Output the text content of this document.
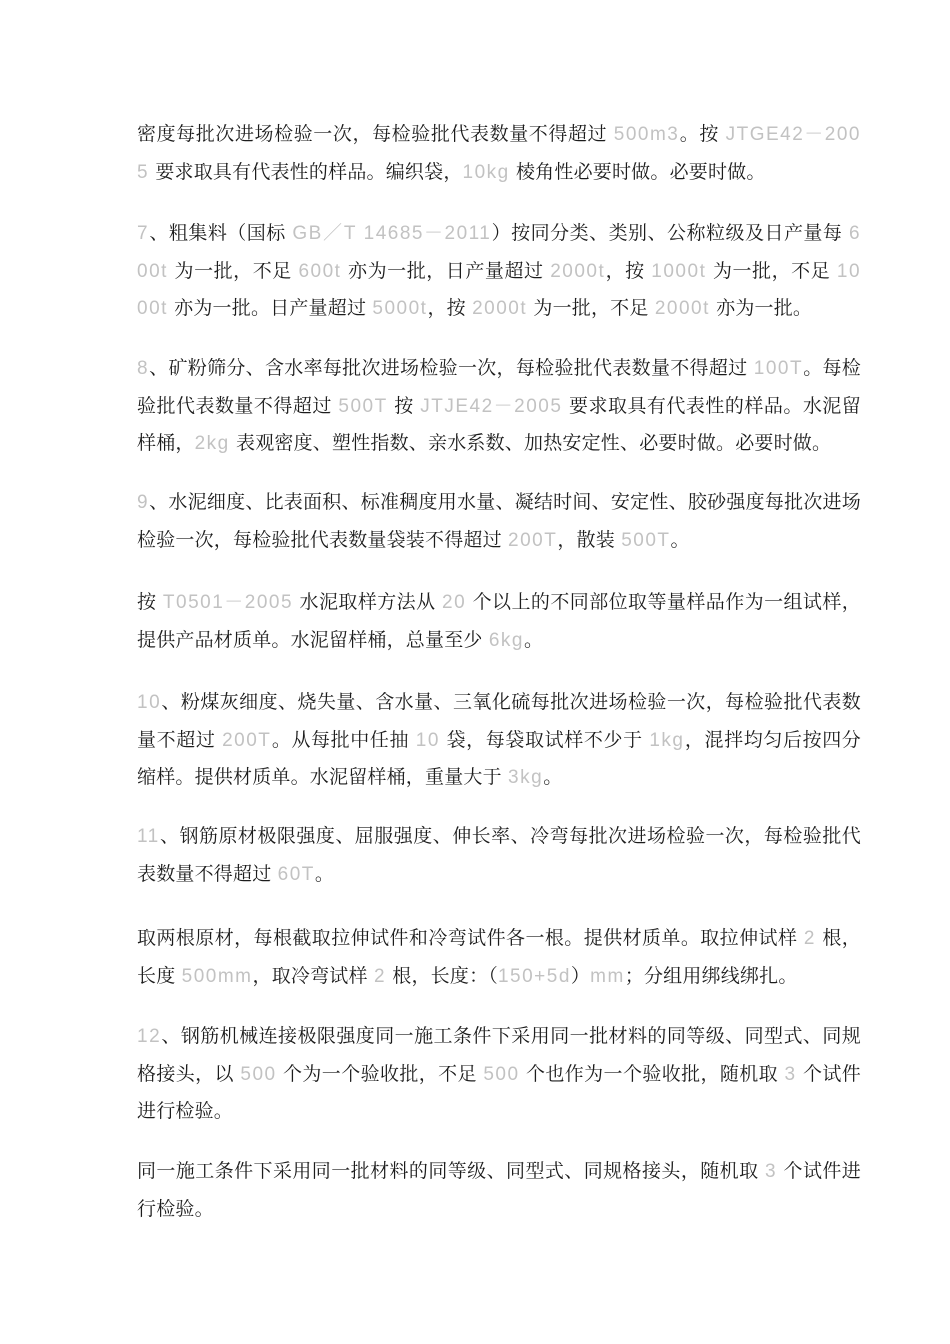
密度每批次进场检验一次，每检验批代表数量不得超过 500m3。按 JTGE42－2005 要求取具有代表性的样品。编织袋，10kg 棱角性必要时做。必要时做。
7、粗集料（国标 GB／T 14685－2011）按同分类、类别、公称粒级及日产量每 600t 为一批，不足 600t 亦为一批，日产量超过 2000t，按 1000t 为一批，不足 1000t 亦为一批。日产量超过 5000t，按 2000t 为一批，不足 2000t 亦为一批。
8、矿粉筛分、含水率每批次进场检验一次，每检验批代表数量不得超过 100T。每检验批代表数量不得超过 500T 按 JTJE42－2005 要求取具有代表性的样品。水泥留样桶，2kg 表观密度、塑性指数、亲水系数、加热安定性、必要时做。必要时做。
9、水泥细度、比表面积、标准稠度用水量、凝结时间、安定性、胶砂强度每批次进场检验一次，每检验批代表数量袋装不得超过 200T，散装 500T。
按 T0501－2005 水泥取样方法从 20 个以上的不同部位取等量样品作为一组试样，提供产品材质单。水泥留样桶，总量至少 6kg。
10、粉煤灰细度、烧失量、含水量、三氧化硫每批次进场检验一次，每检验批代表数量不超过 200T。从每批中任抽 10 袋，每袋取试样不少于 1kg，混拌均匀后按四分缩样。提供材质单。水泥留样桶，重量大于 3kg。
11、钢筋原材极限强度、屈服强度、伸长率、冷弯每批次进场检验一次，每检验批代表数量不得超过 60T。
取两根原材，每根截取拉伸试件和冷弯试件各一根。提供材质单。取拉伸试样 2 根，长度 500mm，取冷弯试样 2 根，长度：（150+5d）mm；分组用绑线绑扎。
12、钢筋机械连接极限强度同一施工条件下采用同一批材料的同等级、同型式、同规格接头，以 500 个为一个验收批，不足 500 个也作为一个验收批，随机取 3 个试件进行检验。
同一施工条件下采用同一批材料的同等级、同型式、同规格接头，随机取 3 个试件进行检验。
